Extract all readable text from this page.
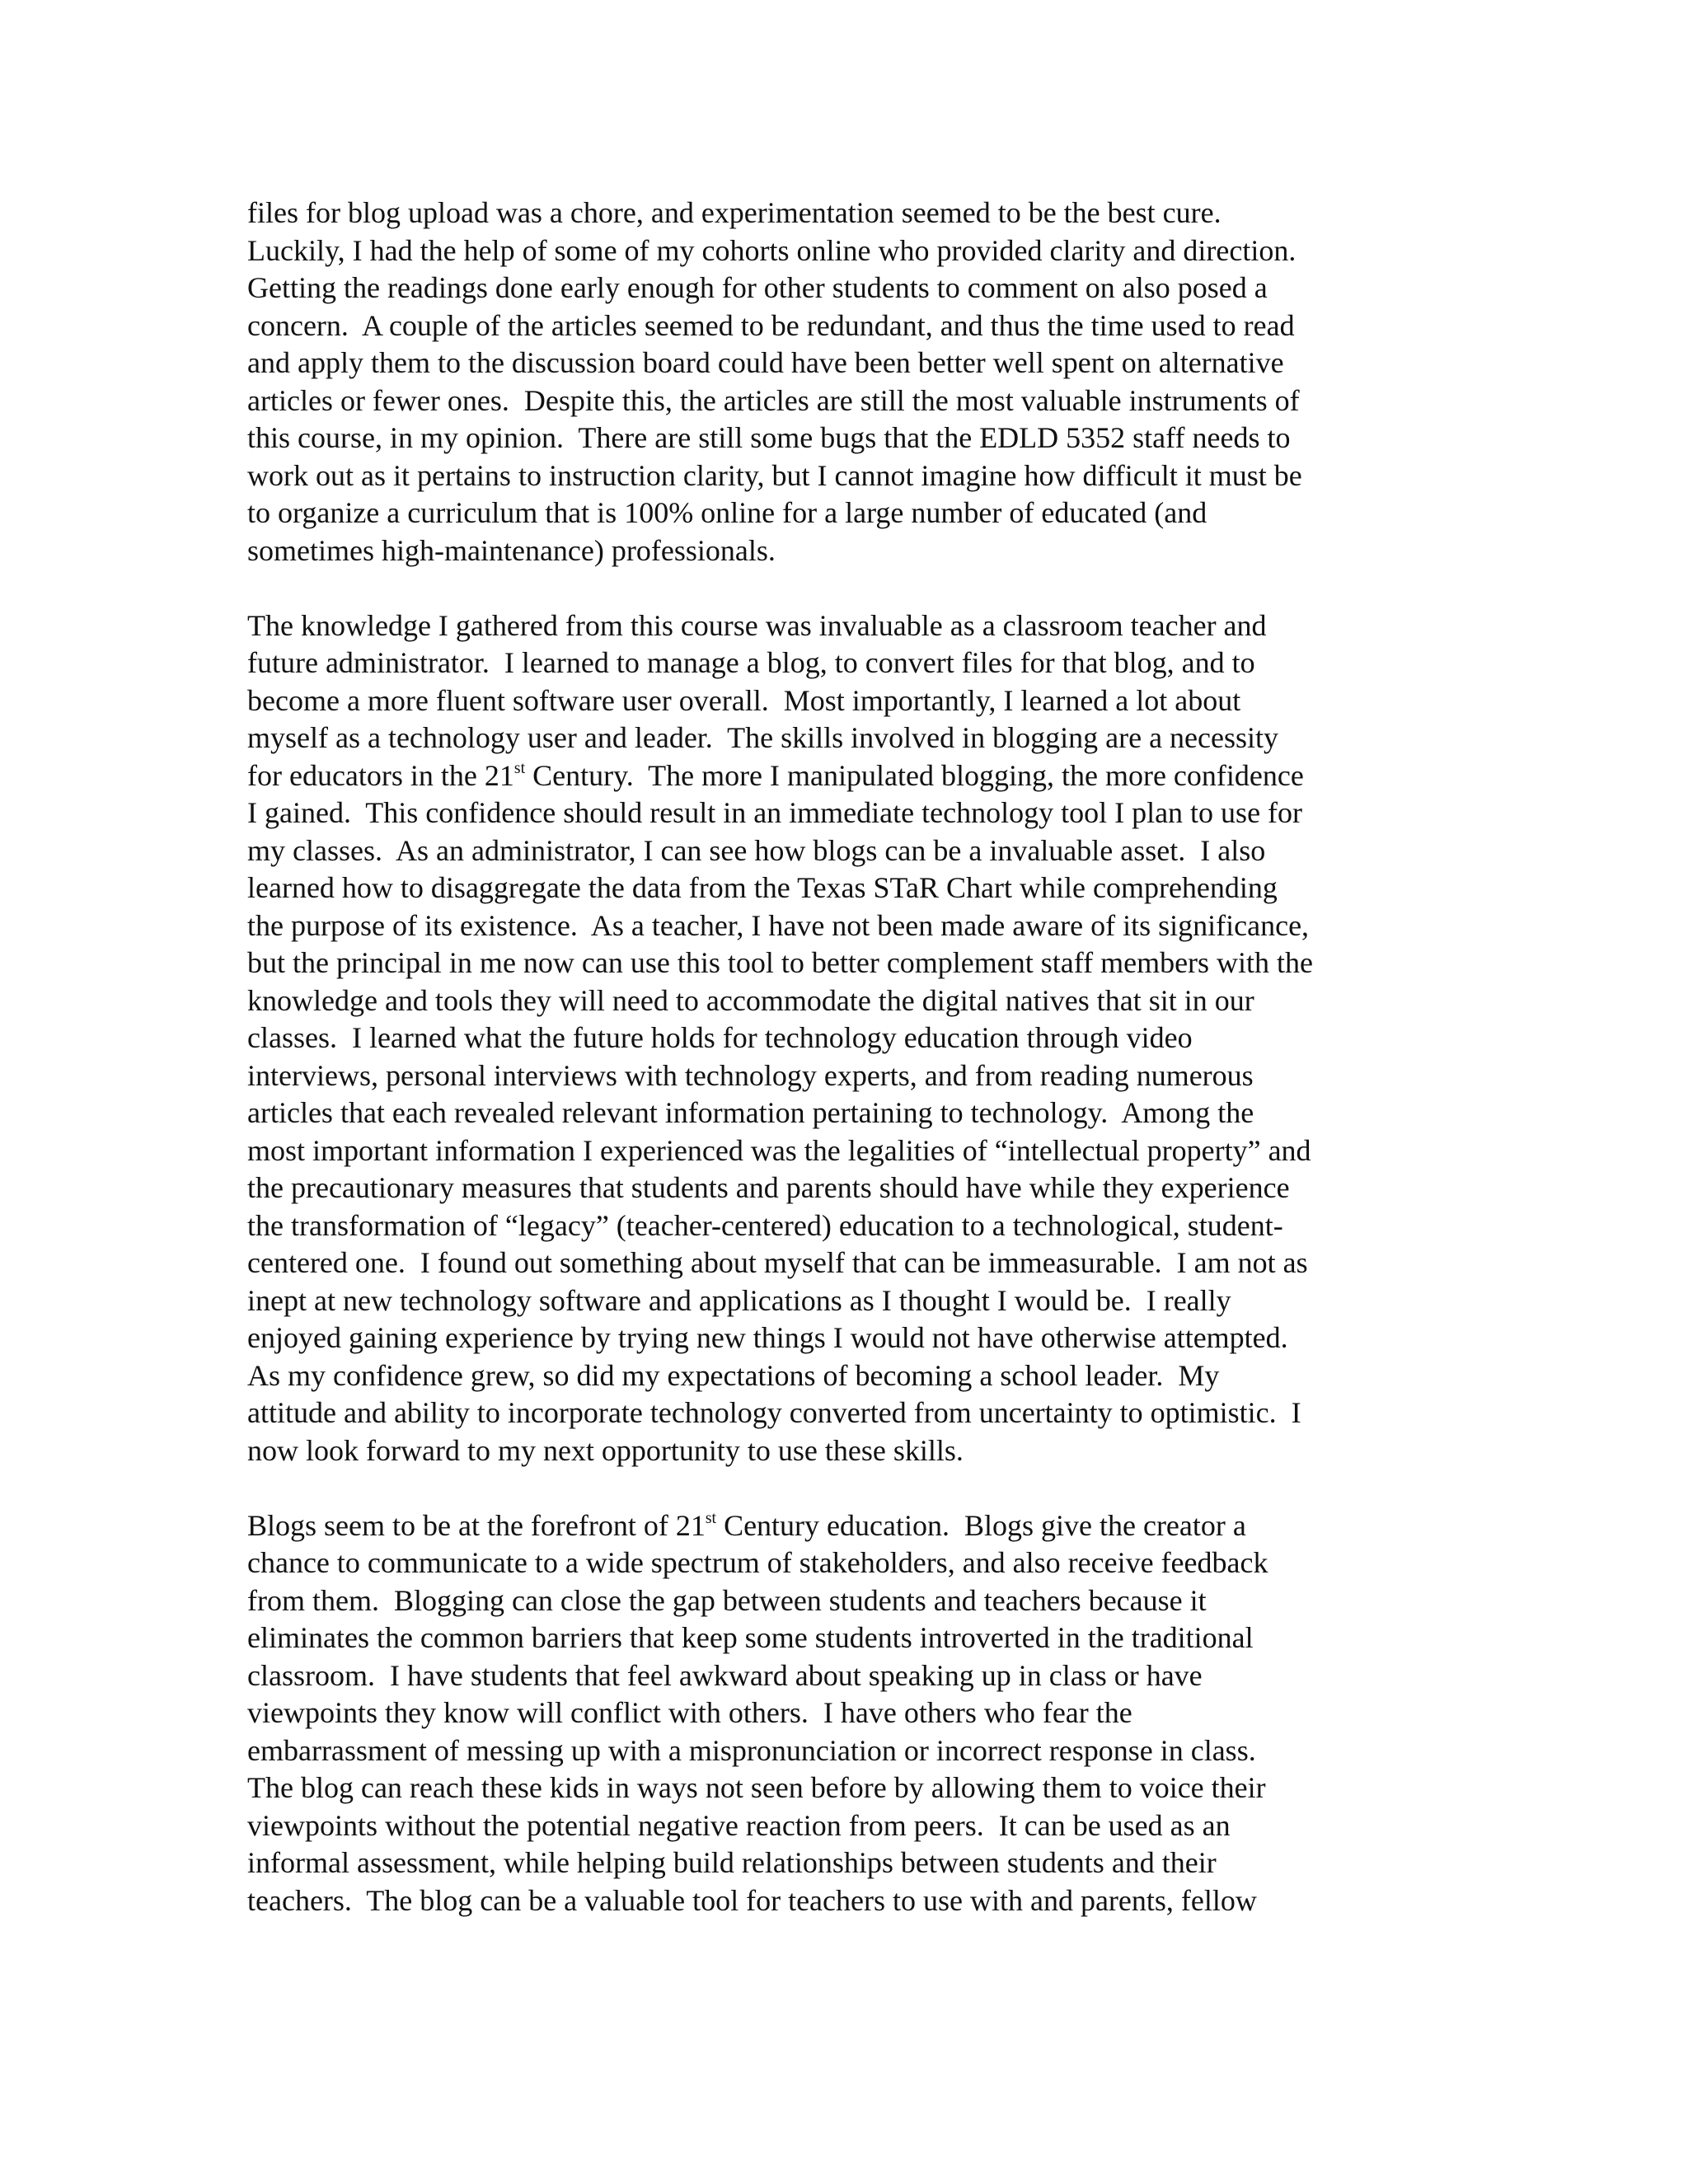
files for blog upload was a chore, and experimentation seemed to be the best cure.
Luckily, I had the help of some of my cohorts online who provided clarity and direction.
Getting the readings done early enough for other students to comment on also posed a
concern.  A couple of the articles seemed to be redundant, and thus the time used to read
and apply them to the discussion board could have been better well spent on alternative
articles or fewer ones.  Despite this, the articles are still the most valuable instruments of
this course, in my opinion.  There are still some bugs that the EDLD 5352 staff needs to
work out as it pertains to instruction clarity, but I cannot imagine how difficult it must be
to organize a curriculum that is 100% online for a large number of educated (and
sometimes high-maintenance) professionals.

The knowledge I gathered from this course was invaluable as a classroom teacher and
future administrator.  I learned to manage a blog, to convert files for that blog, and to
become a more fluent software user overall.  Most importantly, I learned a lot about
myself as a technology user and leader.  The skills involved in blogging are a necessity
for educators in the 21st Century.  The more I manipulated blogging, the more confidence
I gained.  This confidence should result in an immediate technology tool I plan to use for
my classes.  As an administrator, I can see how blogs can be a invaluable asset.  I also
learned how to disaggregate the data from the Texas STaR Chart while comprehending
the purpose of its existence.  As a teacher, I have not been made aware of its significance,
but the principal in me now can use this tool to better complement staff members with the
knowledge and tools they will need to accommodate the digital natives that sit in our
classes.  I learned what the future holds for technology education through video
interviews, personal interviews with technology experts, and from reading numerous
articles that each revealed relevant information pertaining to technology.  Among the
most important information I experienced was the legalities of “intellectual property” and
the precautionary measures that students and parents should have while they experience
the transformation of “legacy” (teacher-centered) education to a technological, student-
centered one.  I found out something about myself that can be immeasurable.  I am not as
inept at new technology software and applications as I thought I would be.  I really
enjoyed gaining experience by trying new things I would not have otherwise attempted.
As my confidence grew, so did my expectations of becoming a school leader.  My
attitude and ability to incorporate technology converted from uncertainty to optimistic.  I
now look forward to my next opportunity to use these skills.

Blogs seem to be at the forefront of 21st Century education.  Blogs give the creator a
chance to communicate to a wide spectrum of stakeholders, and also receive feedback
from them.  Blogging can close the gap between students and teachers because it
eliminates the common barriers that keep some students introverted in the traditional
classroom.  I have students that feel awkward about speaking up in class or have
viewpoints they know will conflict with others.  I have others who fear the
embarrassment of messing up with a mispronunciation or incorrect response in class.
The blog can reach these kids in ways not seen before by allowing them to voice their
viewpoints without the potential negative reaction from peers.  It can be used as an
informal assessment, while helping build relationships between students and their
teachers.  The blog can be a valuable tool for teachers to use with and parents, fellow
